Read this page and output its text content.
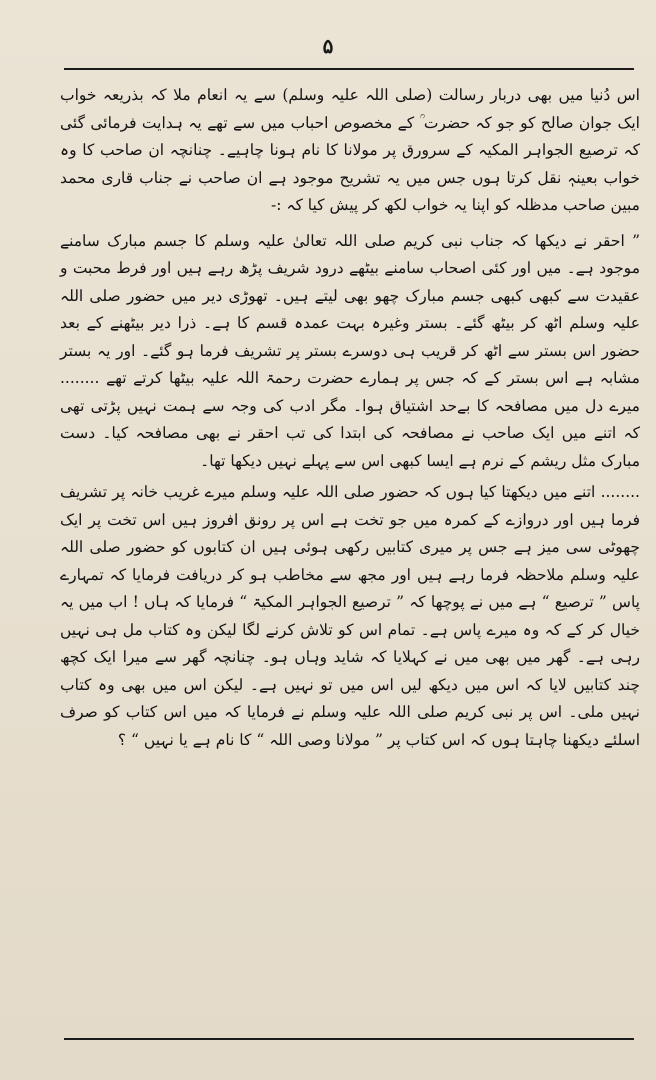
۵

اس دُنیا میں بھی دربار رسالت (صلی اللہ علیہ وسلم) سے یہ انعام ملا کہ بذریعہ خواب ایک جوان صالح کو جو کہ حضرت ؒ کے مخصوص احباب میں سے تھے یہ ہدایت فرمائی گئی کہ ترصیع الجواہر المکیہ کے سرورق پر مولانا کا نام ہونا چاہیے۔ چنانچہ ان صاحب کا وہ خواب بعینہٖ نقل کرتا ہوں جس میں یہ تشریح موجود ہے ان صاحب نے جناب قاری محمد مبین صاحب مدظلہ کو اپنا یہ خواب لکھ کر پیش کیا کہ :-

” احقر نے دیکھا کہ جناب نبی کریم صلی اللہ تعالیٰ علیہ وسلم کا جسم مبارک سامنے موجود ہے۔ میں اور کئی اصحاب سامنے بیٹھے درود شریف پڑھ رہے ہیں اور فرط محبت و عقیدت سے کبھی کبھی جسم مبارک چھو بھی لیتے ہیں۔ تھوڑی دیر میں حضور صلی اللہ علیہ وسلم اٹھ کر بیٹھ گئے۔ بستر وغیرہ بہت عمدہ قسم کا ہے۔ ذرا دیر بیٹھنے کے بعد حضور اس بستر سے اٹھ کر قریب ہی دوسرے بستر پر تشریف فرما ہو گئے۔ اور یہ بستر مشابہ ہے اس بستر کے کہ جس پر ہمارے حضرت رحمۃ اللہ علیہ بیٹھا کرتے تھے ........ میرے دل میں مصافحہ کا بےحد اشتیاق ہوا۔ مگر ادب کی وجہ سے ہمت نہیں پڑتی تھی کہ اتنے میں ایک صاحب نے مصافحہ کی ابتدا کی تب احقر نے بھی مصافحہ کیا۔ دست مبارک مثل ریشم کے نرم ہے ایسا کبھی اس سے پہلے نہیں دیکھا تھا۔

........ اتنے میں دیکھتا کیا ہوں کہ حضور صلی اللہ علیہ وسلم میرے غریب خانہ پر تشریف فرما ہیں اور دروازے کے کمرہ میں جو تخت ہے اس پر رونق افروز ہیں اس تخت پر ایک چھوٹی سی میز ہے جس پر میری کتابیں رکھی ہوئی ہیں ان کتابوں کو حضور صلی اللہ علیہ وسلم ملاحظہ فرما رہے ہیں اور مجھ سے مخاطب ہو کر دریافت فرمایا کہ تمہارے پاس ” ترصیع “ ہے میں نے پوچھا کہ ” ترصیع الجواہر المکیۃ “ فرمایا کہ ہاں ! اب میں یہ خیال کر کے کہ وہ میرے پاس ہے۔ تمام اس کو تلاش کرنے لگا لیکن وہ کتاب مل ہی نہیں رہی ہے۔ گھر میں بھی میں نے کہلایا کہ شاید وہاں ہو۔ چنانچہ گھر سے میرا ایک کچھ چند کتابیں لایا کہ اس میں دیکھ لیں اس میں تو نہیں ہے۔ لیکن اس میں بھی وہ کتاب نہیں ملی۔ اس پر نبی کریم صلی اللہ علیہ وسلم نے فرمایا کہ میں اس کتاب کو صرف اسلئے دیکھنا چاہتا ہوں کہ اس کتاب پر ” مولانا وصی اللہ “ کا نام ہے یا نہیں “ ؟
